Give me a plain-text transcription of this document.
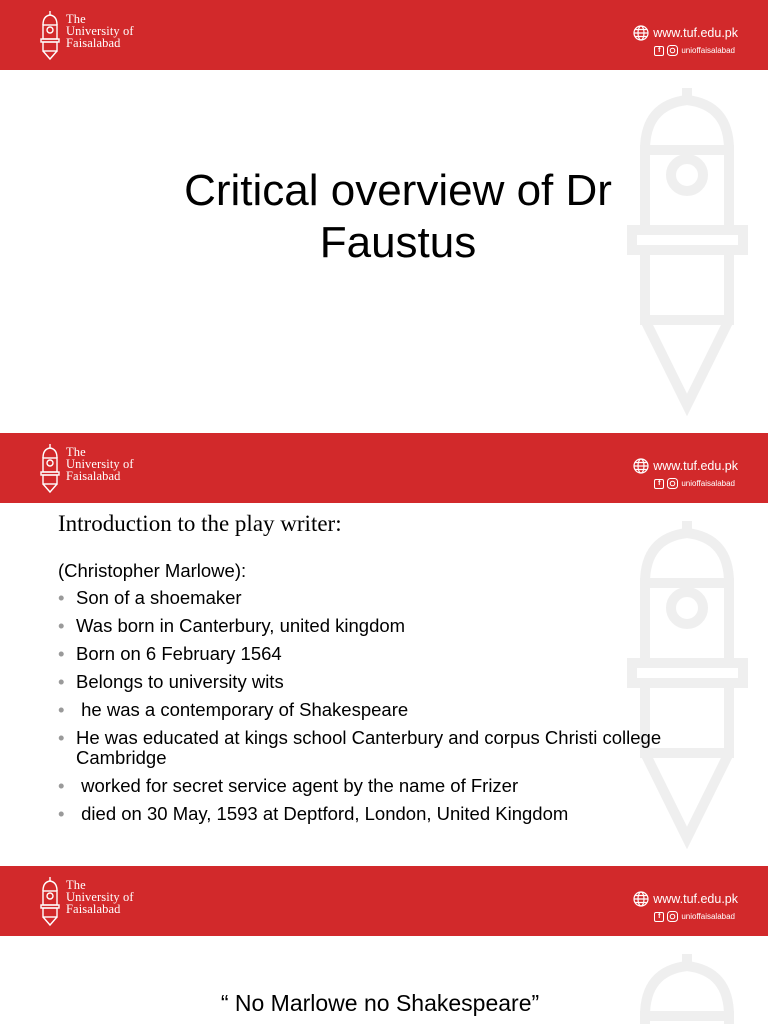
The
University of
Faisalabad
www.tuf.edu.pk
f	unioffaisalabad
Critical overview of Dr
Faustus
The
University of
Faisalabad
www.tuf.edu.pk
f	unioffaisalabad
Introduction to the play writer:
(Christopher Marlowe):
• Son of a shoemaker
• Was born in Canterbury, united kingdom
• Born on 6 February 1564
• Belongs to university wits
•  he was a contemporary of Shakespeare
• He was educated at kings school Canterbury and corpus Christi college Cambridge
•  worked for secret service agent by the name of Frizer
•  died on 30 May, 1593 at Deptford, London, United Kingdom
The
University of
Faisalabad
www.tuf.edu.pk
f	unioffaisalabad
“ No Marlowe no Shakespeare”
